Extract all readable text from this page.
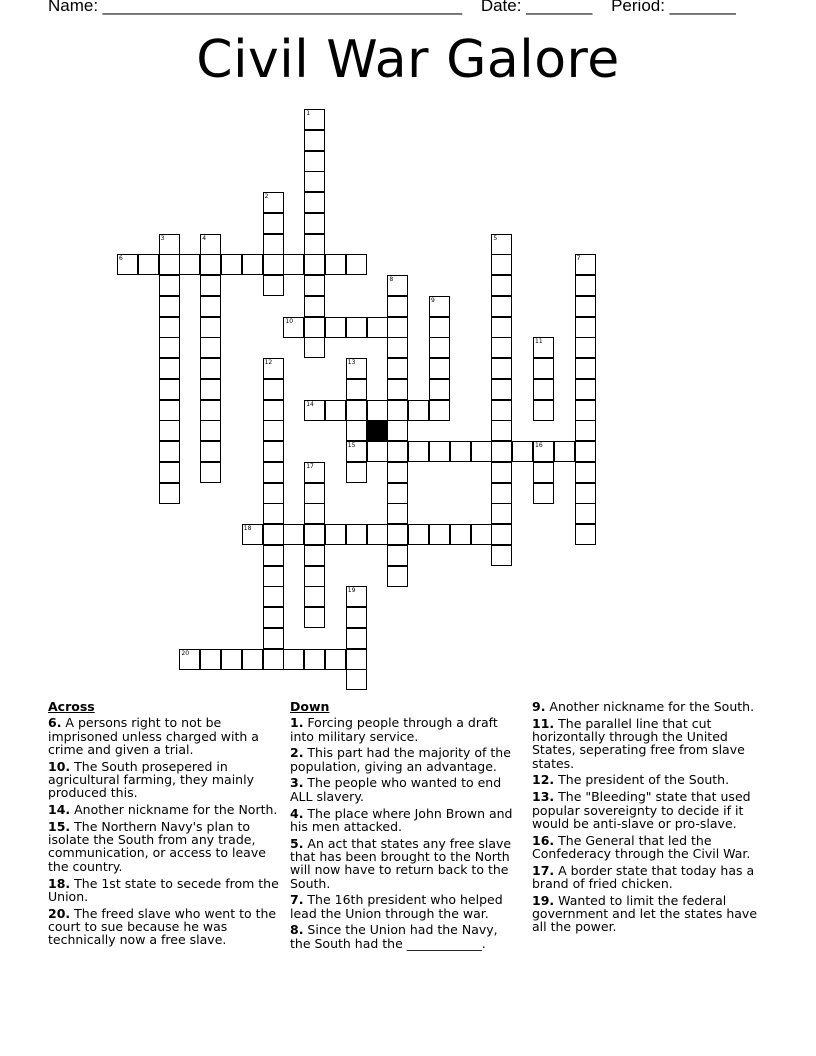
Name: ______________________________________ Date: _______ Period: _______
Civil War Galore
1
2
3	4	5
6	7
8
9
10
11
12	13
15
14
16
17
18
19
20
Across
6. A persons right to not be imprisoned unless charged with a crime and given a trial.
10. The South prosepered in agricultural farming, they mainly produced this.
14. Another nickname for the North.
15. The Northern Navy's plan to isolate the South from any trade, communication, or access to leave the country.
18. The 1st state to secede from the Union.
20. The freed slave who went to the court to sue because he was technically now a free slave.
Down
1. Forcing people through a draft into military service.
2. This part had the majority of the population, giving an advantage.
3. The people who wanted to end ALL slavery.
4. The place where John Brown and his men attacked.
5. An act that states any free slave that has been brought to the North will now have to return back to the South.
7. The 16th president who helped lead the Union through the war.
8. Since the Union had the Navy, the South had the ____________.
9. Another nickname for the South.
11. The parallel line that cut horizontally through the United States, seperating free from slave states.
12. The president of the South.
13. The "Bleeding" state that used popular sovereignty to decide if it would be anti-slave or pro-slave.
16. The General that led the Confederacy through the Civil War.
17. A border state that today has a brand of fried chicken.
19. Wanted to limit the federal government and let the states have all the power.
